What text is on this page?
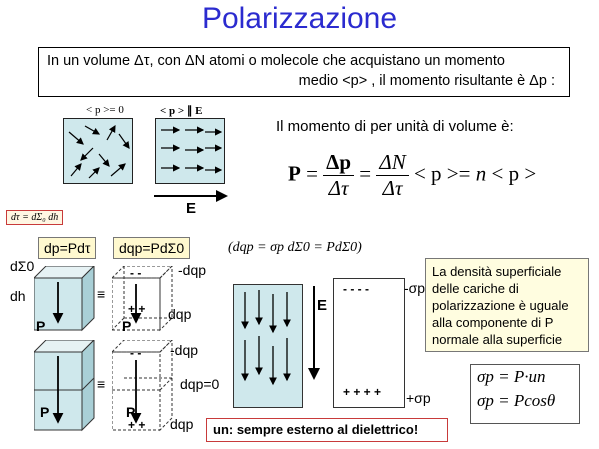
Polarizzazione
In un volume Δτ, con ΔN atomi o molecole che acquistano un momento
medio <p> , il momento risultante è Δp :
< p >= 0	< p > ∥ E
E
Il momento di per unità di volume è:
$P = \frac{\Delta p}{\Delta\tau} = \frac{\Delta N}{\Delta\tau} < p >= n < p$ >
dτ = dΣ₀ dh
dp=Pdτ	dqp=PdΣ0	(dqp = σp dΣ0 = PdΣ0)
dΣ0
dh
P
≡
- -
+ +
P
-dqp
dqp
P
≡
- -
+ +
P
-dqp
dqp=0
dqp
E
- - - -
+ + + +
-σp
+σp
La densità superficiale delle cariche di polarizzazione è uguale alla componente di P normale alla superficie
σp = P·un
σp = Pcosθ
un: sempre esterno al dielettrico!
